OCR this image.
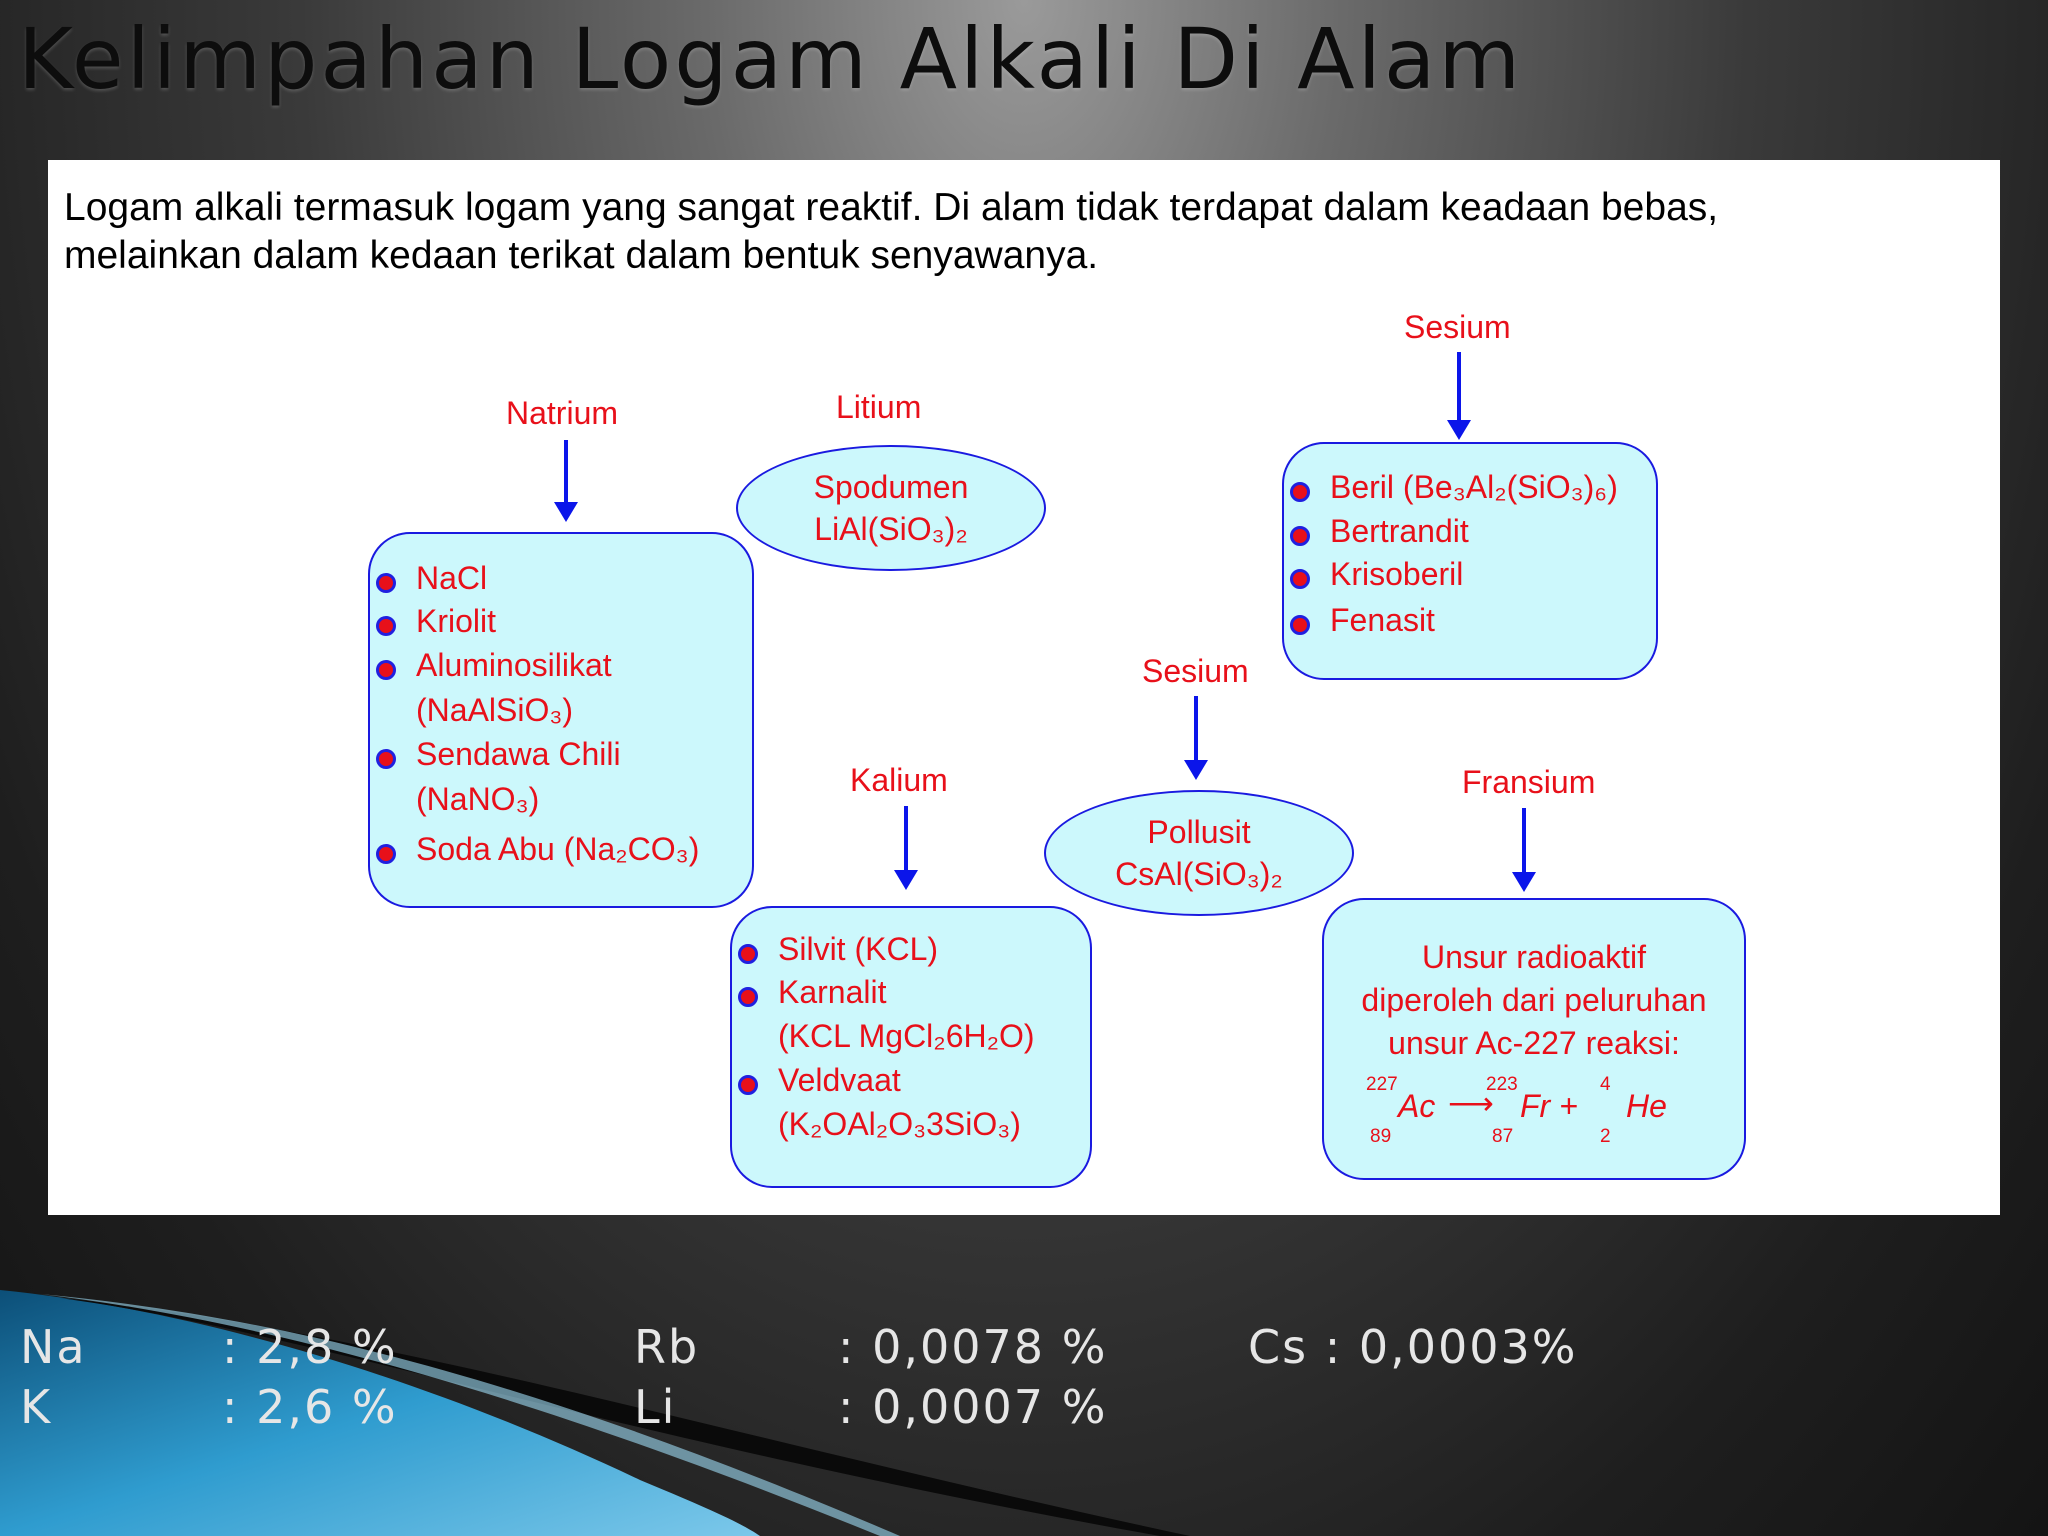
Kelimpahan Logam Alkali Di Alam

Logam alkali termasuk logam yang sangat reaktif. Di alam tidak terdapat dalam keadaan bebas,
melainkan dalam kedaan terikat dalam bentuk senyawanya.

Natrium
NaCl
Kriolit
Aluminosilikat
(NaAlSiO₃)
Sendawa Chili
(NaNO₃)
Soda Abu (Na₂CO₃)
Litium
Spodumen
LiAl(SiO₃)₂
Sesium
Beril (Be₃Al₂(SiO₃)₆)
Bertrandit
Krisoberil
Fenasit
Sesium
Pollusit
CsAl(SiO₃)₂
Kalium
Silvit (KCL)
Karnalit
(KCL MgCl₂6H₂O)
Veldvaat
(K₂OAl₂O₃3SiO₃)
Fransium
Unsur radioaktif
diperoleh dari peluruhan
unsur Ac-227 reaksi:
227
89
Ac ⟶
223
87
Fr +
4
2
He
Na	: 2,8 %
K	: 2,6 %
Rb	: 0,0078 %
Li	: 0,0007 %
Cs : 0,0003%
